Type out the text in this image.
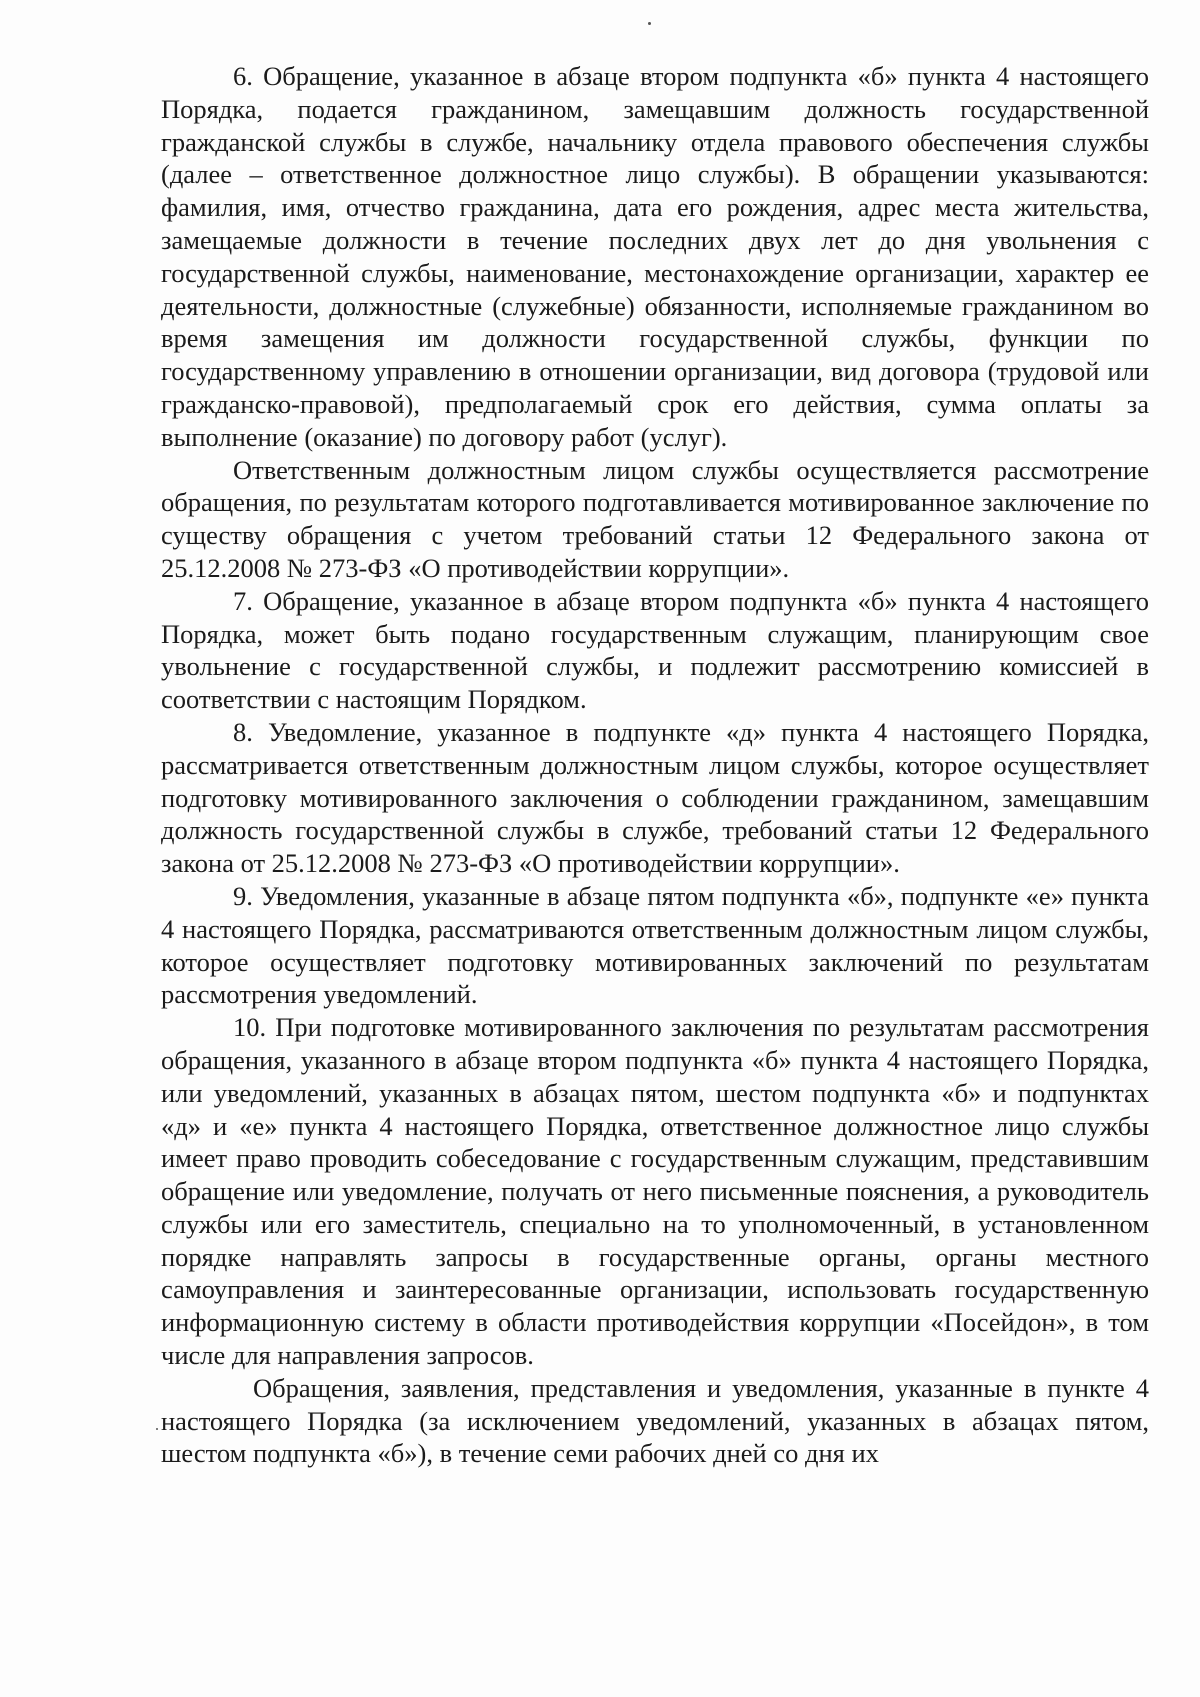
6. Обращение, указанное в абзаце втором подпункта «б» пункта 4 настоящего Порядка, подается гражданином, замещавшим должность государственной гражданской службы в службе, начальнику отдела правового обеспечения службы (далее – ответственное должностное лицо службы). В обращении указываются: фамилия, имя, отчество гражданина, дата его рождения, адрес места жительства, замещаемые должности в течение последних двух лет до дня увольнения с государственной службы, наименование, местонахождение организации, характер ее деятельности, должностные (служебные) обязанности, исполняемые гражданином во время замещения им должности государственной службы, функции по государственному управлению в отношении организации, вид договора (трудовой или гражданско-правовой), предполагаемый срок его действия, сумма оплаты за выполнение (оказание) по договору работ (услуг).

Ответственным должностным лицом службы осуществляется рассмотрение обращения, по результатам которого подготавливается мотивированное заключение по существу обращения с учетом требований статьи 12 Федерального закона от 25.12.2008 № 273-ФЗ «О противодействии коррупции».

7. Обращение, указанное в абзаце втором подпункта «б» пункта 4 настоящего Порядка, может быть подано государственным служащим, планирующим свое увольнение с государственной службы, и подлежит рассмотрению комиссией в соответствии с настоящим Порядком.

8. Уведомление, указанное в подпункте «д» пункта 4 настоящего Порядка, рассматривается ответственным должностным лицом службы, которое осуществляет подготовку мотивированного заключения о соблюдении гражданином, замещавшим должность государственной службы в службе, требований статьи 12 Федерального закона от 25.12.2008 № 273-ФЗ «О противодействии коррупции».

9. Уведомления, указанные в абзаце пятом подпункта «б», подпункте «е» пункта 4 настоящего Порядка, рассматриваются ответственным должностным лицом службы, которое осуществляет подготовку мотивированных заключений по результатам рассмотрения уведомлений.

10. При подготовке мотивированного заключения по результатам рассмотрения обращения, указанного в абзаце втором подпункта «б» пункта 4 настоящего Порядка, или уведомлений, указанных в абзацах пятом, шестом подпункта «б» и подпунктах «д» и «е» пункта 4 настоящего Порядка, ответственное должностное лицо службы имеет право проводить собеседование с государственным служащим, представившим обращение или уведомление, получать от него письменные пояснения, а руководитель службы или его заместитель, специально на то уполномоченный, в установленном порядке направлять запросы в государственные органы, органы местного самоуправления и заинтересованные организации, использовать государственную информационную систему в области противодействия коррупции «Посейдон», в том числе для направления запросов.

Обращения, заявления, представления и уведомления, указанные в пункте 4 настоящего Порядка (за исключением уведомлений, указанных в абзацах пятом, шестом подпункта «б»), в течение семи рабочих дней со дня их
